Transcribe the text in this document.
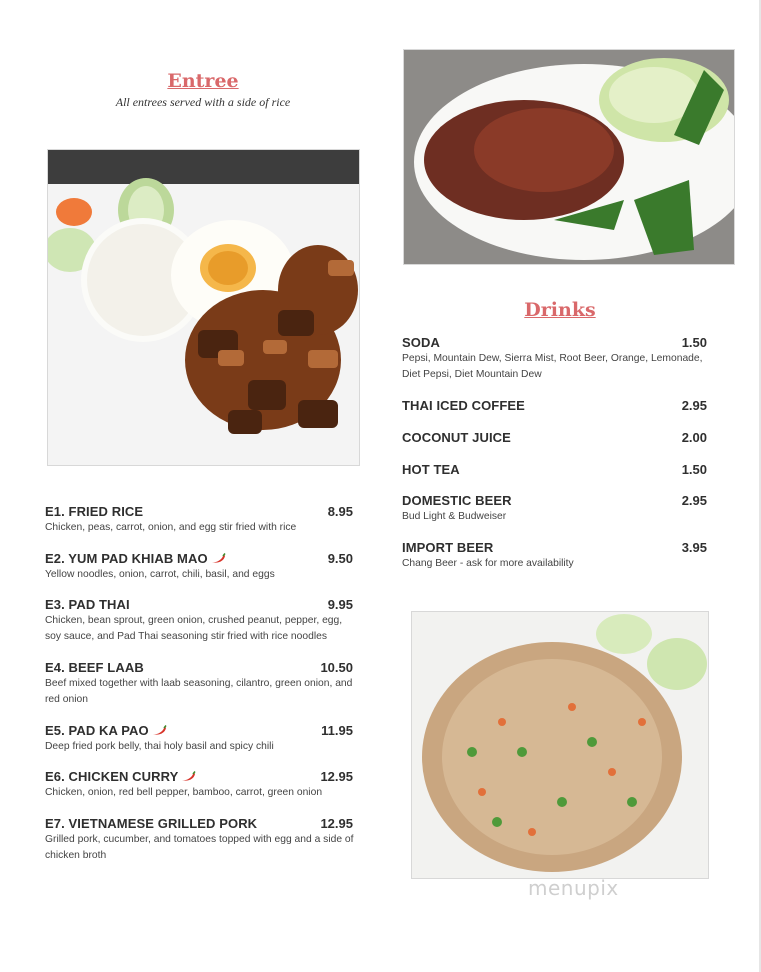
Entree
All entrees served with a side of rice
E1. FRIED RICE	8.95
Chicken, peas, carrot, onion, and egg stir fried with rice
E2. YUM PAD KHIAB MAO	9.50
Yellow noodles, onion, carrot, chili, basil, and eggs
E3. PAD THAI	9.95
Chicken, bean sprout, green onion, crushed peanut, pepper, egg, soy sauce, and Pad Thai seasoning stir fried with rice noodles
E4. BEEF LAAB	10.50
Beef mixed together with laab seasoning, cilantro, green onion, and red onion
E5. PAD KA PAO	11.95
Deep fried pork belly, thai holy basil and spicy chili
E6. CHICKEN CURRY	12.95
Chicken, onion, red bell pepper, bamboo, carrot, green onion
E7. VIETNAMESE GRILLED PORK	12.95
Grilled pork, cucumber, and tomatoes topped with egg and a side of chicken broth
Drinks
SODA	1.50
Pepsi, Mountain Dew, Sierra Mist, Root Beer, Orange, Lemonade, Diet Pepsi, Diet Mountain Dew
THAI ICED COFFEE	2.95
COCONUT JUICE	2.00
HOT TEA	1.50
DOMESTIC BEER	2.95
Bud Light & Budweiser
IMPORT BEER	3.95
Chang Beer - ask for more availability
menupix
